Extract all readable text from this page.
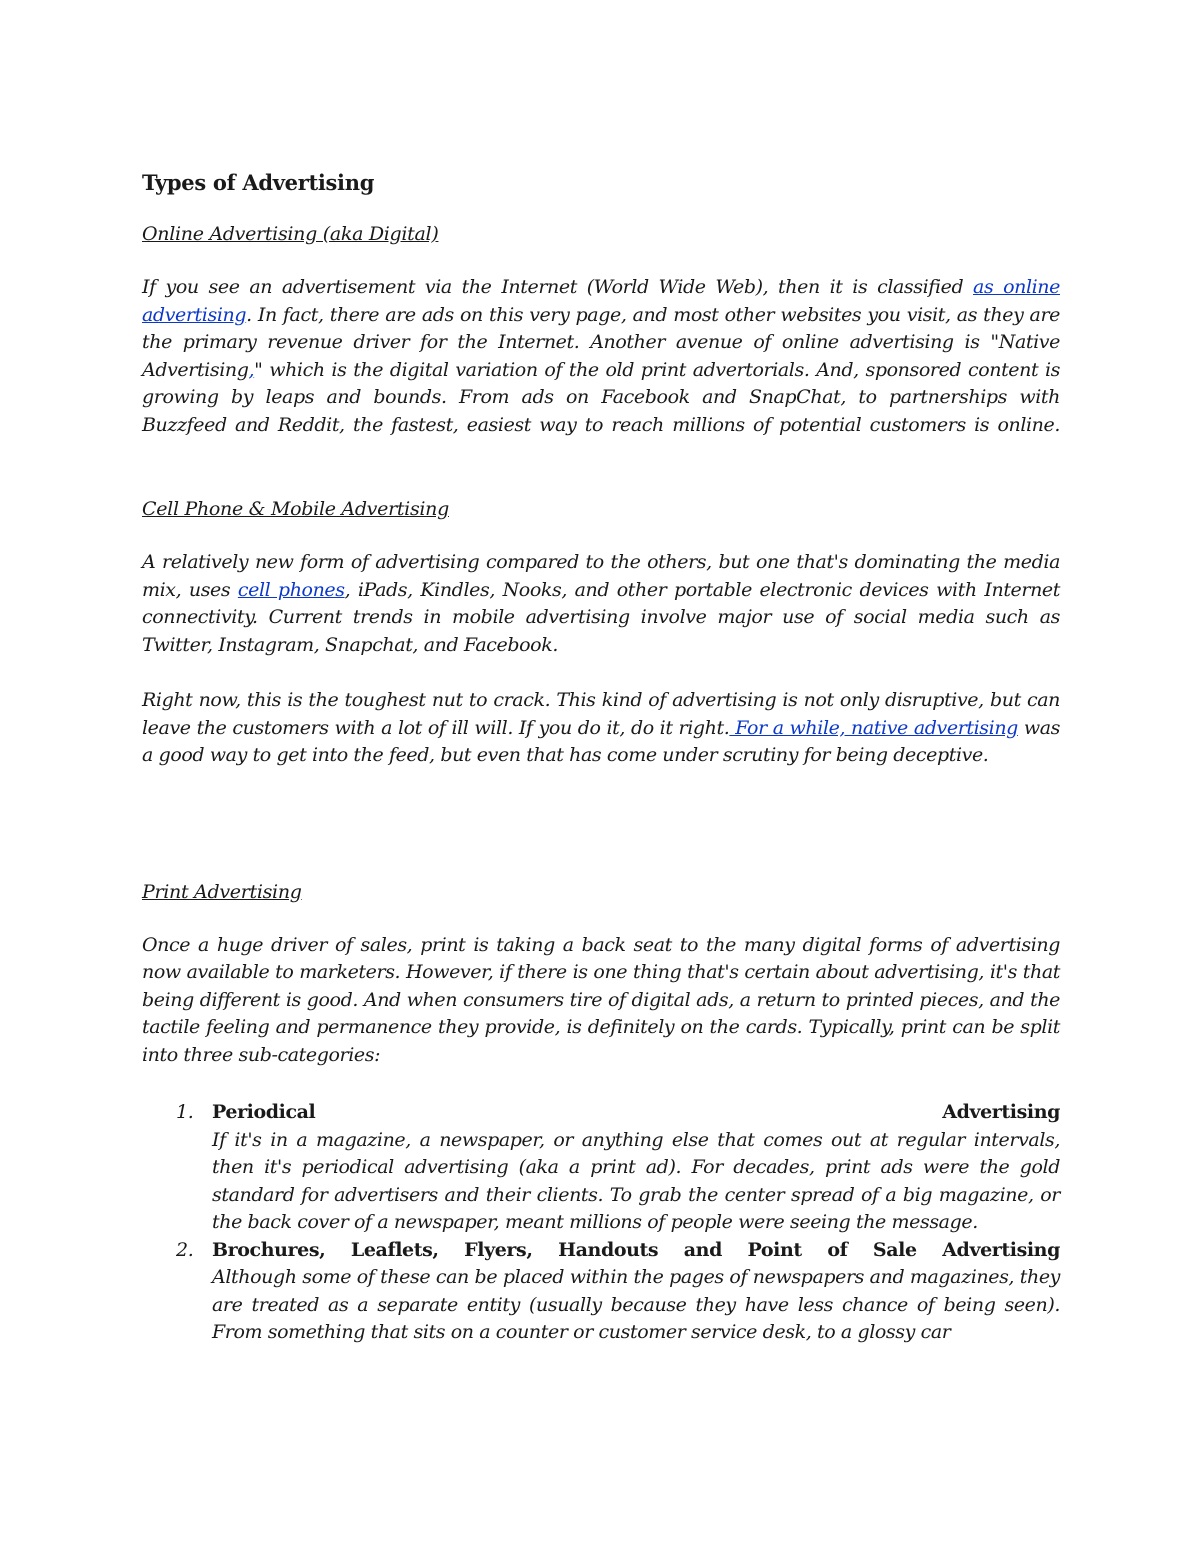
Types of Advertising
Online Advertising (aka Digital)

If you see an advertisement via the Internet (World Wide Web), then it is classified as online advertising. In fact, there are ads on this very page, and most other websites you visit, as they are the primary revenue driver for the Internet. Another avenue of online advertising is "Native Advertising," which is the digital variation of the old print advertorials. And, sponsored content is growing by leaps and bounds. From ads on Facebook and SnapChat, to partnerships with Buzzfeed and Reddit, the fastest, easiest way to reach millions of potential customers is online.

Cell Phone & Mobile Advertising

A relatively new form of advertising compared to the others, but one that's dominating the media mix, uses cell phones, iPads, Kindles, Nooks, and other portable electronic devices with Internet connectivity. Current trends in mobile advertising involve major use of social media such as Twitter, Instagram, Snapchat, and Facebook.

Right now, this is the toughest nut to crack. This kind of advertising is not only disruptive, but can leave the customers with a lot of ill will. If you do it, do it right. For a while, native advertising was a good way to get into the feed, but even that has come under scrutiny for being deceptive.

Print Advertising

Once a huge driver of sales, print is taking a back seat to the many digital forms of advertising now available to marketers. However, if there is one thing that's certain about advertising, it's that being different is good. And when consumers tire of digital ads, a return to printed pieces, and the tactile feeling and permanence they provide, is definitely on the cards. Typically, print can be split into three sub-categories:

1. Periodical Advertising
If it's in a magazine, a newspaper, or anything else that comes out at regular intervals, then it's periodical advertising (aka a print ad). For decades, print ads were the gold standard for advertisers and their clients. To grab the center spread of a big magazine, or the back cover of a newspaper, meant millions of people were seeing the message.
2. Brochures, Leaflets, Flyers, Handouts and Point of Sale Advertising
Although some of these can be placed within the pages of newspapers and magazines, they are treated as a separate entity (usually because they have less chance of being seen). From something that sits on a counter or customer service desk, to a glossy car
